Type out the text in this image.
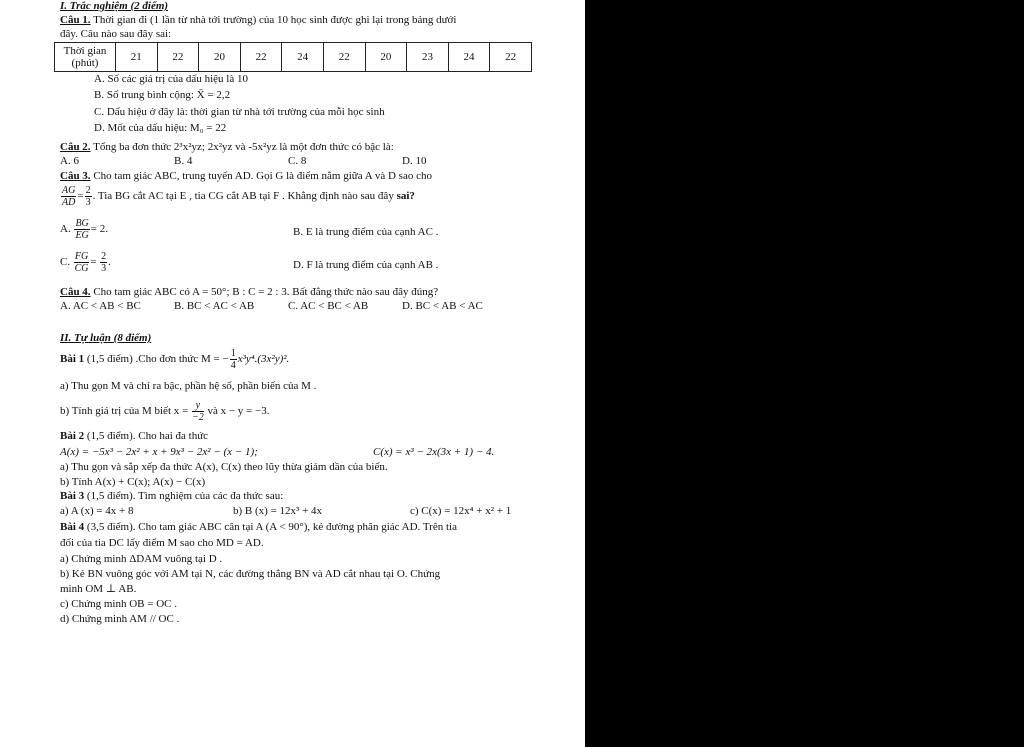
I. Trắc nghiệm (2 điểm)
Câu 1. Thời gian đi (1 lần từ nhà tới trường) của 10 học sinh được ghi lại trong bảng dưới
đây. Câu nào sau đây sai:
Thời gian
(phút)	21	22	20	22	24	22	20	23	24	22
A. Số các giá trị của dấu hiệu là 10
B. Số trung bình cộng: X̄ = 2,2
C. Dấu hiệu ở đây là: thời gian từ nhà tới trường của mỗi học sinh
D. Mốt của dấu hiệu: M₀ = 22
Câu 2. Tổng ba đơn thức 2³x²yz; 2x²yz và -5x²yz là một đơn thức có bậc là:
A. 6	B. 4	C. 8	D. 10
Câu 3. Cho tam giác ABC, trung tuyến AD. Gọi G là điểm nằm giữa A và D sao cho
$\frac{AG}{AD} = \frac{2}{3}$ . Tia BG cắt AC tại E , tia CG cắt AB tại F . Khẳng định nào sau đây sai?
A. $\frac{BG}{EG} = 2$.	B. E là trung điểm của cạnh AC .
C. $\frac{FG}{CG} = \frac{2}{3}$ .	D. F là trung điểm của cạnh AB .
Câu 4. Cho tam giác ABC có A = 50°; B : C = 2 : 3. Bất đẳng thức nào sau đây đúng?
A. AC < AB < BC	B. BC < AC < AB	C. AC < BC < AB	D. BC < AB < AC
II. Tự luận (8 điểm)
Bài 1 (1,5 điểm) .Cho đơn thức M = − $\frac{1}{4} x^3y^4.(3x^2y)^2$.
a) Thu gọn M và chỉ ra bậc, phần hệ số, phần biến của M .
b) Tính giá trị của M biết $x = \frac{y}{-2}$ và x − y = −3.
Bài 2 (1,5 điểm). Cho hai đa thức
A(x) = −5x³ − 2x² + x + 9x³ − 2x² − (x − 1);	C(x) = x³ − 2x(3x + 1) − 4.
a) Thu gọn và sắp xếp đa thức A(x), C(x) theo lũy thừa giảm dần của biến.
b) Tính A(x) + C(x); A(x) − C(x)
Bài 3 (1,5 điểm). Tìm nghiệm của các đa thức sau:
a) A (x) = 4x + 8	b) B (x) = 12x³ + 4x	c) C(x) = 12x⁴ + x² + 1
Bài 4 (3,5 điểm). Cho tam giác ABC cân tại A (A < 90°), kẻ đường phân giác AD. Trên tia
đối của tia DC lấy điểm M sao cho MD = AD.
a) Chứng minh ΔDAM vuông tại D .
b) Kẻ BN vuông góc với AM tại N, các đường thẳng BN và AD cắt nhau tại O. Chứng
minh OM ⊥ AB.
c) Chứng minh OB = OC .
d) Chứng minh AM // OC .
